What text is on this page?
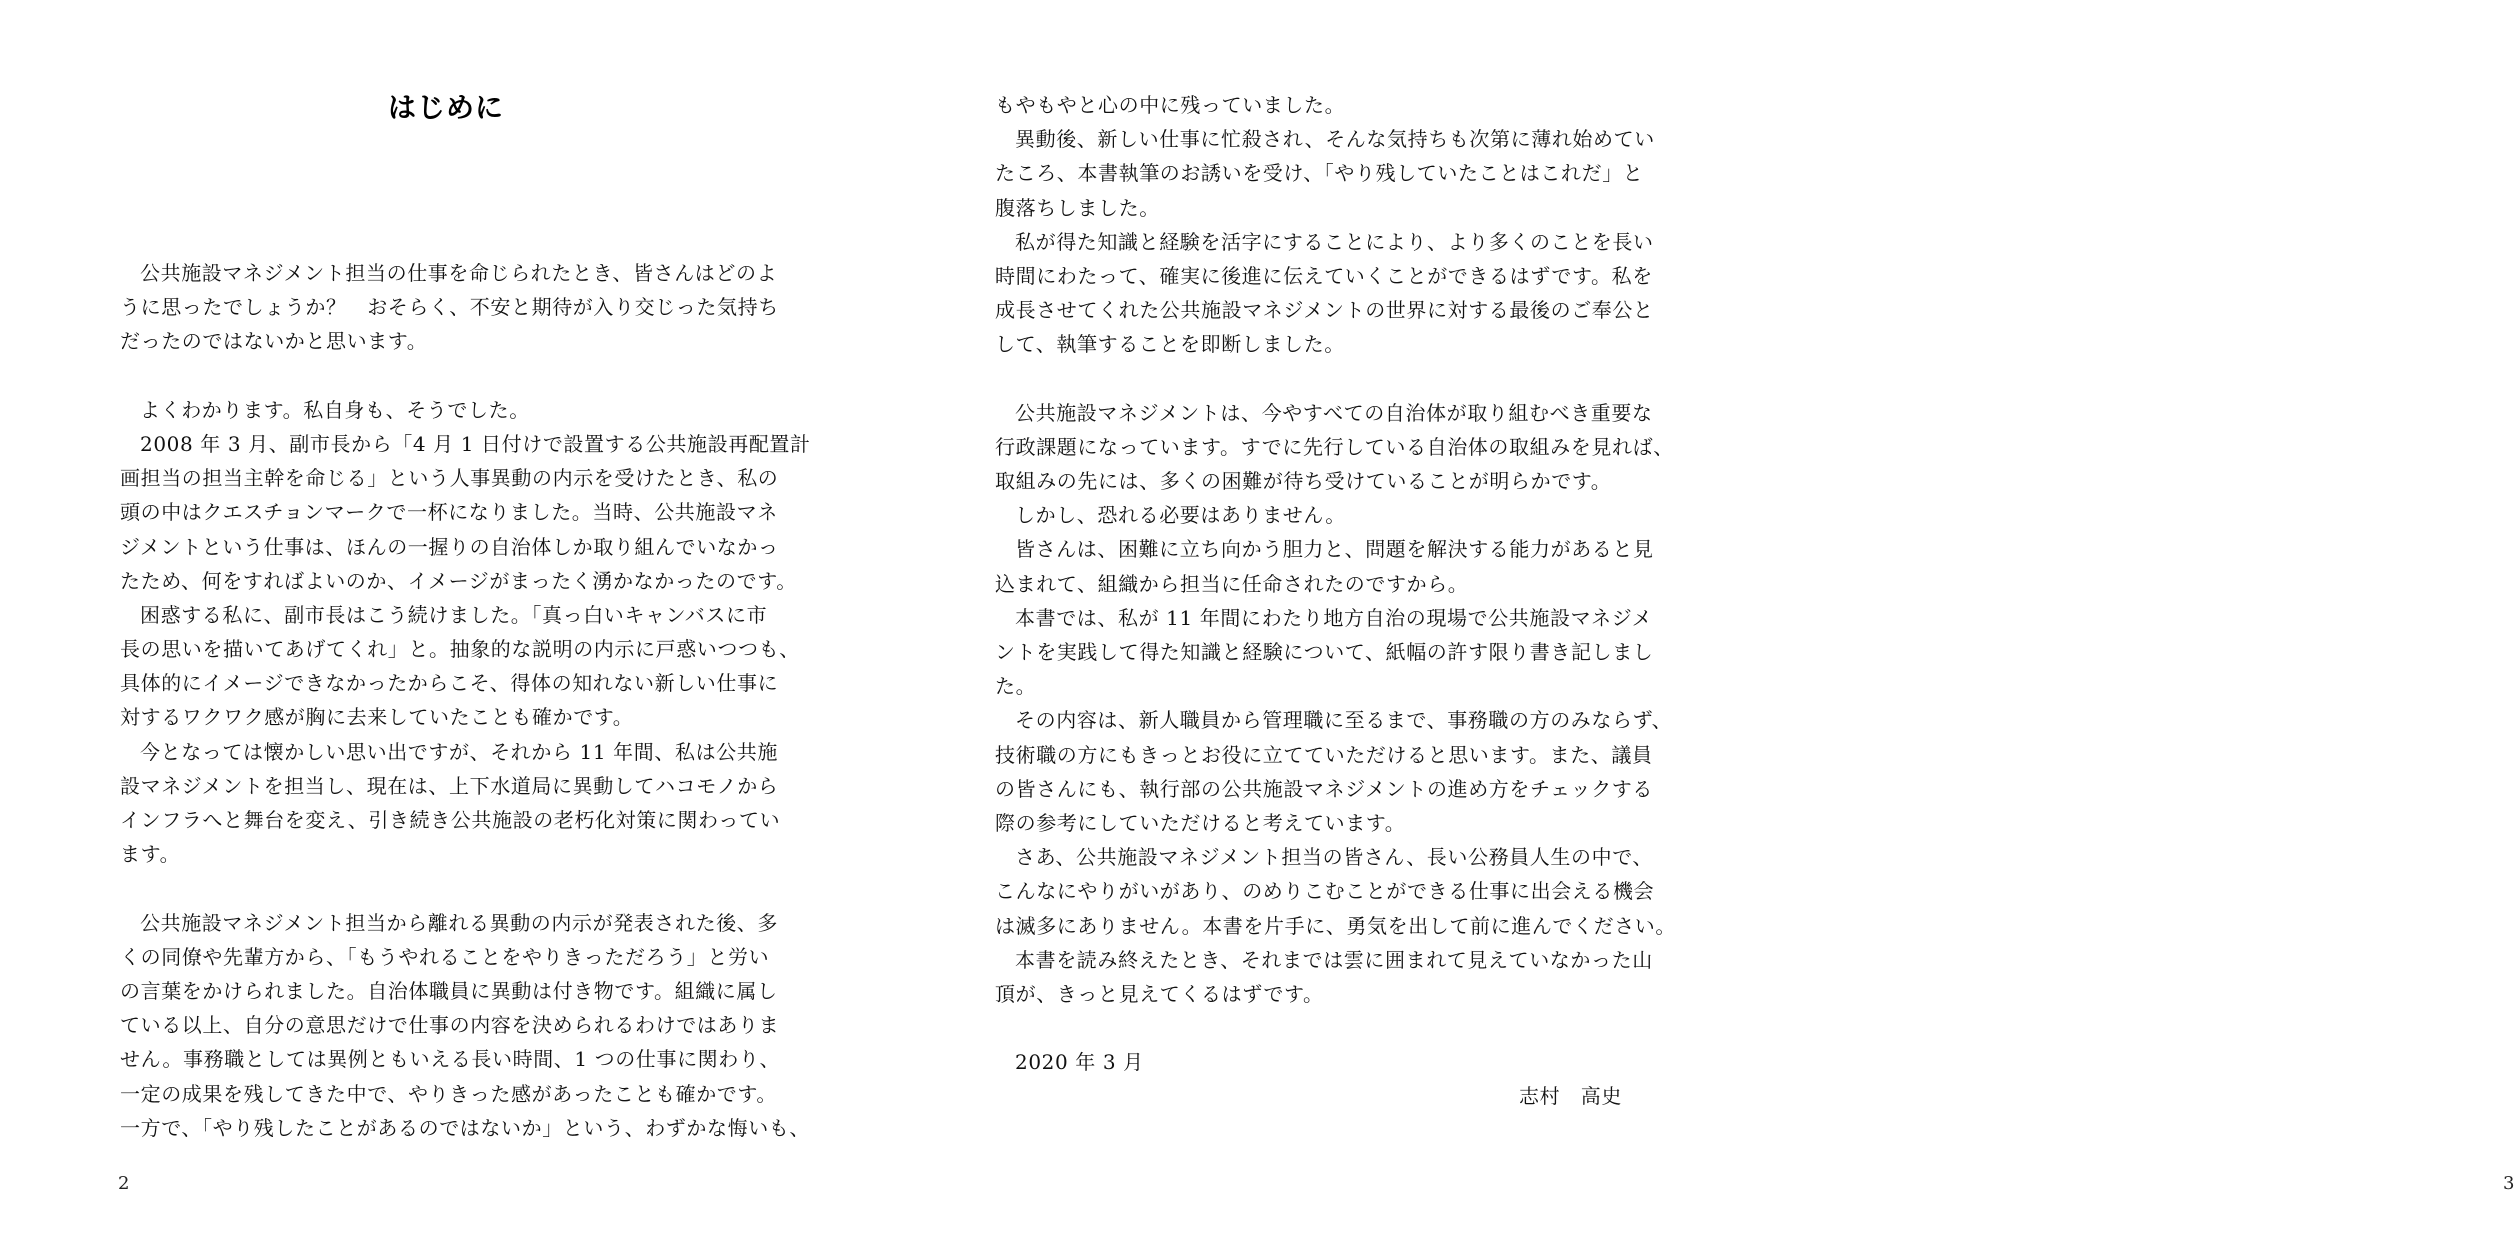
はじめに
公共施設マネジメント担当の仕事を命じられたとき、皆さんはどのよ
うに思ったでしょうか？　おそらく、不安と期待が入り交じった気持ち
だったのではないかと思います。
よくわかります。私自身も、そうでした。
2008 年 3 月、副市長から「4 月 1 日付けで設置する公共施設再配置計
画担当の担当主幹を命じる」という人事異動の内示を受けたとき、私の
頭の中はクエスチョンマークで一杯になりました。当時、公共施設マネ
ジメントという仕事は、ほんの一握りの自治体しか取り組んでいなかっ
たため、何をすればよいのか、イメージがまったく湧かなかったのです。
困惑する私に、副市長はこう続けました。「真っ白いキャンバスに市
長の思いを描いてあげてくれ」と。抽象的な説明の内示に戸惑いつつも、
具体的にイメージできなかったからこそ、得体の知れない新しい仕事に
対するワクワク感が胸に去来していたことも確かです。
今となっては懐かしい思い出ですが、それから 11 年間、私は公共施
設マネジメントを担当し、現在は、上下水道局に異動してハコモノから
インフラへと舞台を変え、引き続き公共施設の老朽化対策に関わってい
ます。
公共施設マネジメント担当から離れる異動の内示が発表された後、多
くの同僚や先輩方から、「もうやれることをやりきっただろう」と労い
の言葉をかけられました。自治体職員に異動は付き物です。組織に属し
ている以上、自分の意思だけで仕事の内容を決められるわけではありま
せん。事務職としては異例ともいえる長い時間、1 つの仕事に関わり、
一定の成果を残してきた中で、やりきった感があったことも確かです。
一方で、「やり残したことがあるのではないか」という、わずかな悔いも、
2
もやもやと心の中に残っていました。
異動後、新しい仕事に忙殺され、そんな気持ちも次第に薄れ始めてい
たころ、本書執筆のお誘いを受け、「やり残していたことはこれだ」と
腹落ちしました。
私が得た知識と経験を活字にすることにより、より多くのことを長い
時間にわたって、確実に後進に伝えていくことができるはずです。私を
成長させてくれた公共施設マネジメントの世界に対する最後のご奉公と
して、執筆することを即断しました。
公共施設マネジメントは、今やすべての自治体が取り組むべき重要な
行政課題になっています。すでに先行している自治体の取組みを見れば、
取組みの先には、多くの困難が待ち受けていることが明らかです。
しかし、恐れる必要はありません。
皆さんは、困難に立ち向かう胆力と、問題を解決する能力があると見
込まれて、組織から担当に任命されたのですから。
本書では、私が 11 年間にわたり地方自治の現場で公共施設マネジメ
ントを実践して得た知識と経験について、紙幅の許す限り書き記しまし
た。
その内容は、新人職員から管理職に至るまで、事務職の方のみならず、
技術職の方にもきっとお役に立てていただけると思います。また、議員
の皆さんにも、執行部の公共施設マネジメントの進め方をチェックする
際の参考にしていただけると考えています。
さあ、公共施設マネジメント担当の皆さん、長い公務員人生の中で、
こんなにやりがいがあり、のめりこむことができる仕事に出会える機会
は滅多にありません。本書を片手に、勇気を出して前に進んでください。
本書を読み終えたとき、それまでは雲に囲まれて見えていなかった山
頂が、きっと見えてくるはずです。
2020 年 3 月
志村　高史
3
